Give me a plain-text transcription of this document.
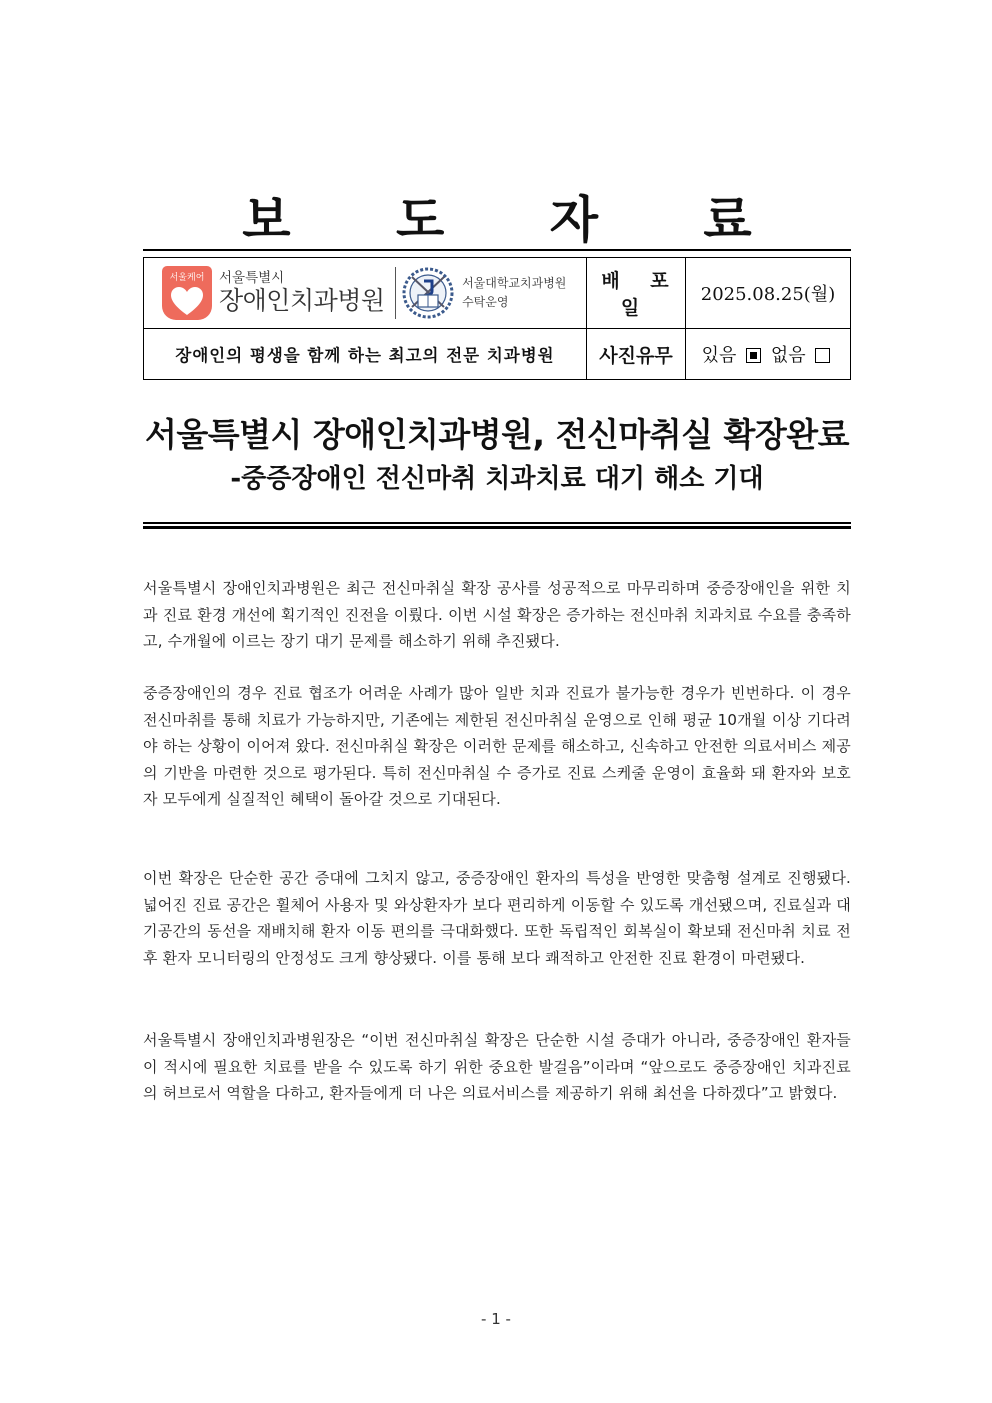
보 도 자 료
서울케어 서울특별시
장애인치과병원
서울대학교치과병원
수탁운영	배 포 일	2025.08.25(월)
장애인의 평생을 함께 하는 최고의 전문 치과병원	사진유무	있음 없음
서울특별시 장애인치과병원, 전신마취실 확장완료
-중증장애인 전신마취 치과치료 대기 해소 기대

서울특별시 장애인치과병원은 최근 전신마취실 확장 공사를 성공적으로 마무리하며 중증장애인을 위한 치과 진료 환경 개선에 획기적인 진전을 이뤘다. 이번 시설 확장은 증가하는 전신마취 치과치료 수요를 충족하고, 수개월에 이르는 장기 대기 문제를 해소하기 위해 추진됐다.

중증장애인의 경우 진료 협조가 어려운 사례가 많아 일반 치과 진료가 불가능한 경우가 빈번하다. 이 경우 전신마취를 통해 치료가 가능하지만, 기존에는 제한된 전신마취실 운영으로 인해 평균 10개월 이상 기다려야 하는 상황이 이어져 왔다. 전신마취실 확장은 이러한 문제를 해소하고, 신속하고 안전한 의료서비스 제공의 기반을 마련한 것으로 평가된다. 특히 전신마취실 수 증가로 진료 스케줄 운영이 효율화 돼 환자와 보호자 모두에게 실질적인 혜택이 돌아갈 것으로 기대된다.

이번 확장은 단순한 공간 증대에 그치지 않고, 중증장애인 환자의 특성을 반영한 맞춤형 설계로 진행됐다. 넓어진 진료 공간은 휠체어 사용자 및 와상환자가 보다 편리하게 이동할 수 있도록 개선됐으며, 진료실과 대기공간의 동선을 재배치해 환자 이동 편의를 극대화했다. 또한 독립적인 회복실이 확보돼 전신마취 치료 전후 환자 모니터링의 안정성도 크게 향상됐다. 이를 통해 보다 쾌적하고 안전한 진료 환경이 마련됐다.

서울특별시 장애인치과병원장은 “이번 전신마취실 확장은 단순한 시설 증대가 아니라, 중증장애인 환자들이 적시에 필요한 치료를 받을 수 있도록 하기 위한 중요한 발걸음”이라며 “앞으로도 중증장애인 치과진료의 허브로서 역할을 다하고, 환자들에게 더 나은 의료서비스를 제공하기 위해 최선을 다하겠다”고 밝혔다.

- 1 -
